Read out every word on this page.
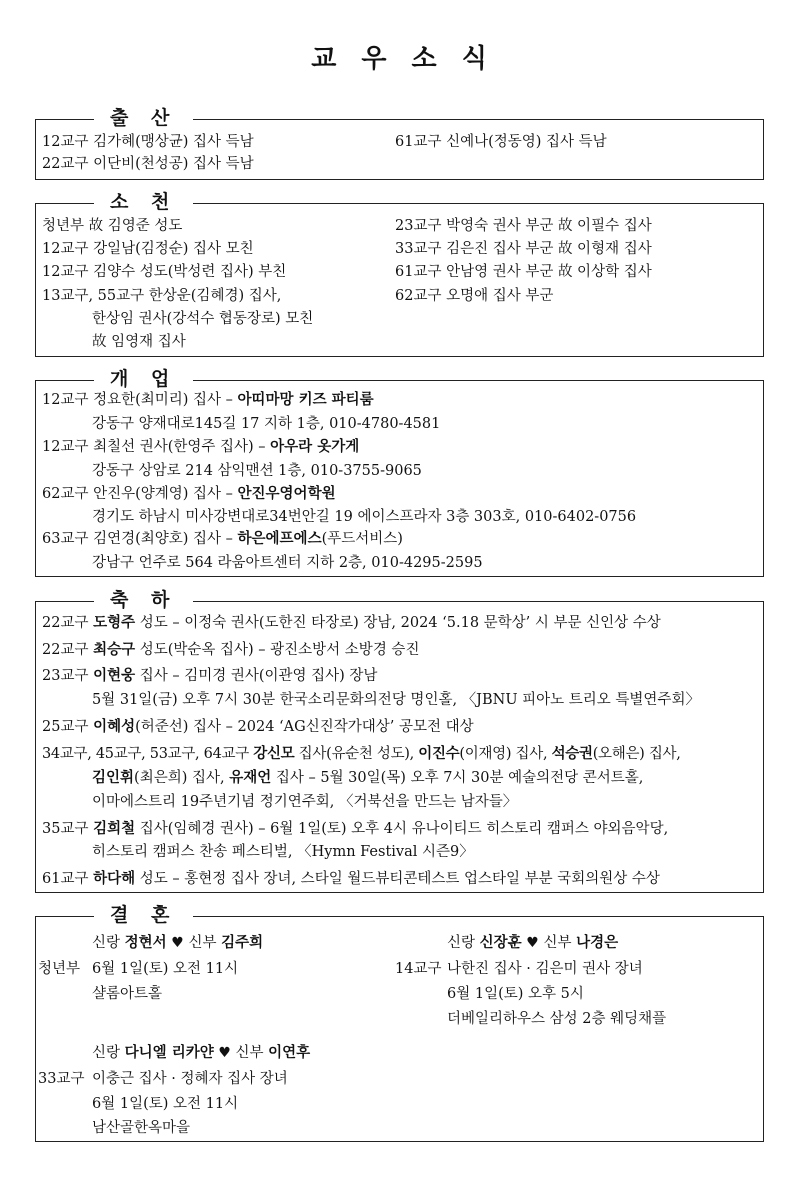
교 우 소 식
출 산
12교구 김가혜(맹상균) 집사 득남
22교구 이단비(천성공) 집사 득남
61교구 신예나(정동영) 집사 득남
소 천
청년부 故 김영준 성도
12교구 강일남(김정순) 집사 모친
12교구 김양수 성도(박성련 집사) 부친
13교구, 55교구 한상운(김혜경) 집사,
한상임 권사(강석수 협동장로) 모친
故 임영재 집사
23교구 박영숙 권사 부군 故 이필수 집사
33교구 김은진 집사 부군 故 이형재 집사
61교구 안남영 권사 부군 故 이상학 집사
62교구 오명애 집사 부군
개 업
12교구 정요한(최미리) 집사 – 아띠마망 키즈 파티룸
강동구 양재대로145길 17 지하 1층, 010-4780-4581
12교구 최칠선 권사(한영주 집사) – 아우라 옷가게
강동구 상암로 214 삼익맨션 1층, 010-3755-9065
62교구 안진우(양계영) 집사 – 안진우영어학원
경기도 하남시 미사강변대로34번안길 19 에이스프라자 3층 303호, 010-6402-0756
63교구 김연경(최양호) 집사 – 하은에프에스(푸드서비스)
강남구 언주로 564 라움아트센터 지하 2층, 010-4295-2595
축 하
22교구 도형주 성도 – 이정숙 권사(도한진 타장로) 장남, 2024 ‘5.18 문학상’ 시 부문 신인상 수상
22교구 최승구 성도(박순옥 집사) – 광진소방서 소방경 승진
23교구 이현웅 집사 – 김미경 권사(이관영 집사) 장남
5월 31일(금) 오후 7시 30분 한국소리문화의전당 명인홀, 〈JBNU 피아노 트리오 특별연주회〉
25교구 이혜성(허준선) 집사 – 2024 ‘AG신진작가대상’ 공모전 대상
34교구, 45교구, 53교구, 64교구 강신모 집사(유순천 성도), 이진수(이재영) 집사, 석승권(오해은) 집사,
김인휘(최은희) 집사, 유재언 집사 – 5월 30일(목) 오후 7시 30분 예술의전당 콘서트홀,
이마에스트리 19주년기념 정기연주회, 〈거북선을 만드는 남자들〉
35교구 김희철 집사(임혜경 권사) – 6월 1일(토) 오후 4시 유나이티드 히스토리 캠퍼스 야외음악당,
히스토리 캠퍼스 찬송 페스티벌, 〈Hymn Festival 시즌9〉
61교구 하다해 성도 – 홍현정 집사 장녀, 스타일 월드뷰티콘테스트 업스타일 부분 국회의원상 수상
결 혼
신랑 정현서 ♥ 신부 김주희
청년부 6월 1일(토) 오전 11시
샬롬아트홀
신랑 신장훈 ♥ 신부 나경은
14교구 나한진 집사 · 김은미 권사 장녀
6월 1일(토) 오후 5시
더베일리하우스 삼성 2층 웨딩채플
신랑 다니엘 리카얀 ♥ 신부 이연후
33교구 이충근 집사 · 정혜자 집사 장녀
6월 1일(토) 오전 11시
남산골한옥마을
